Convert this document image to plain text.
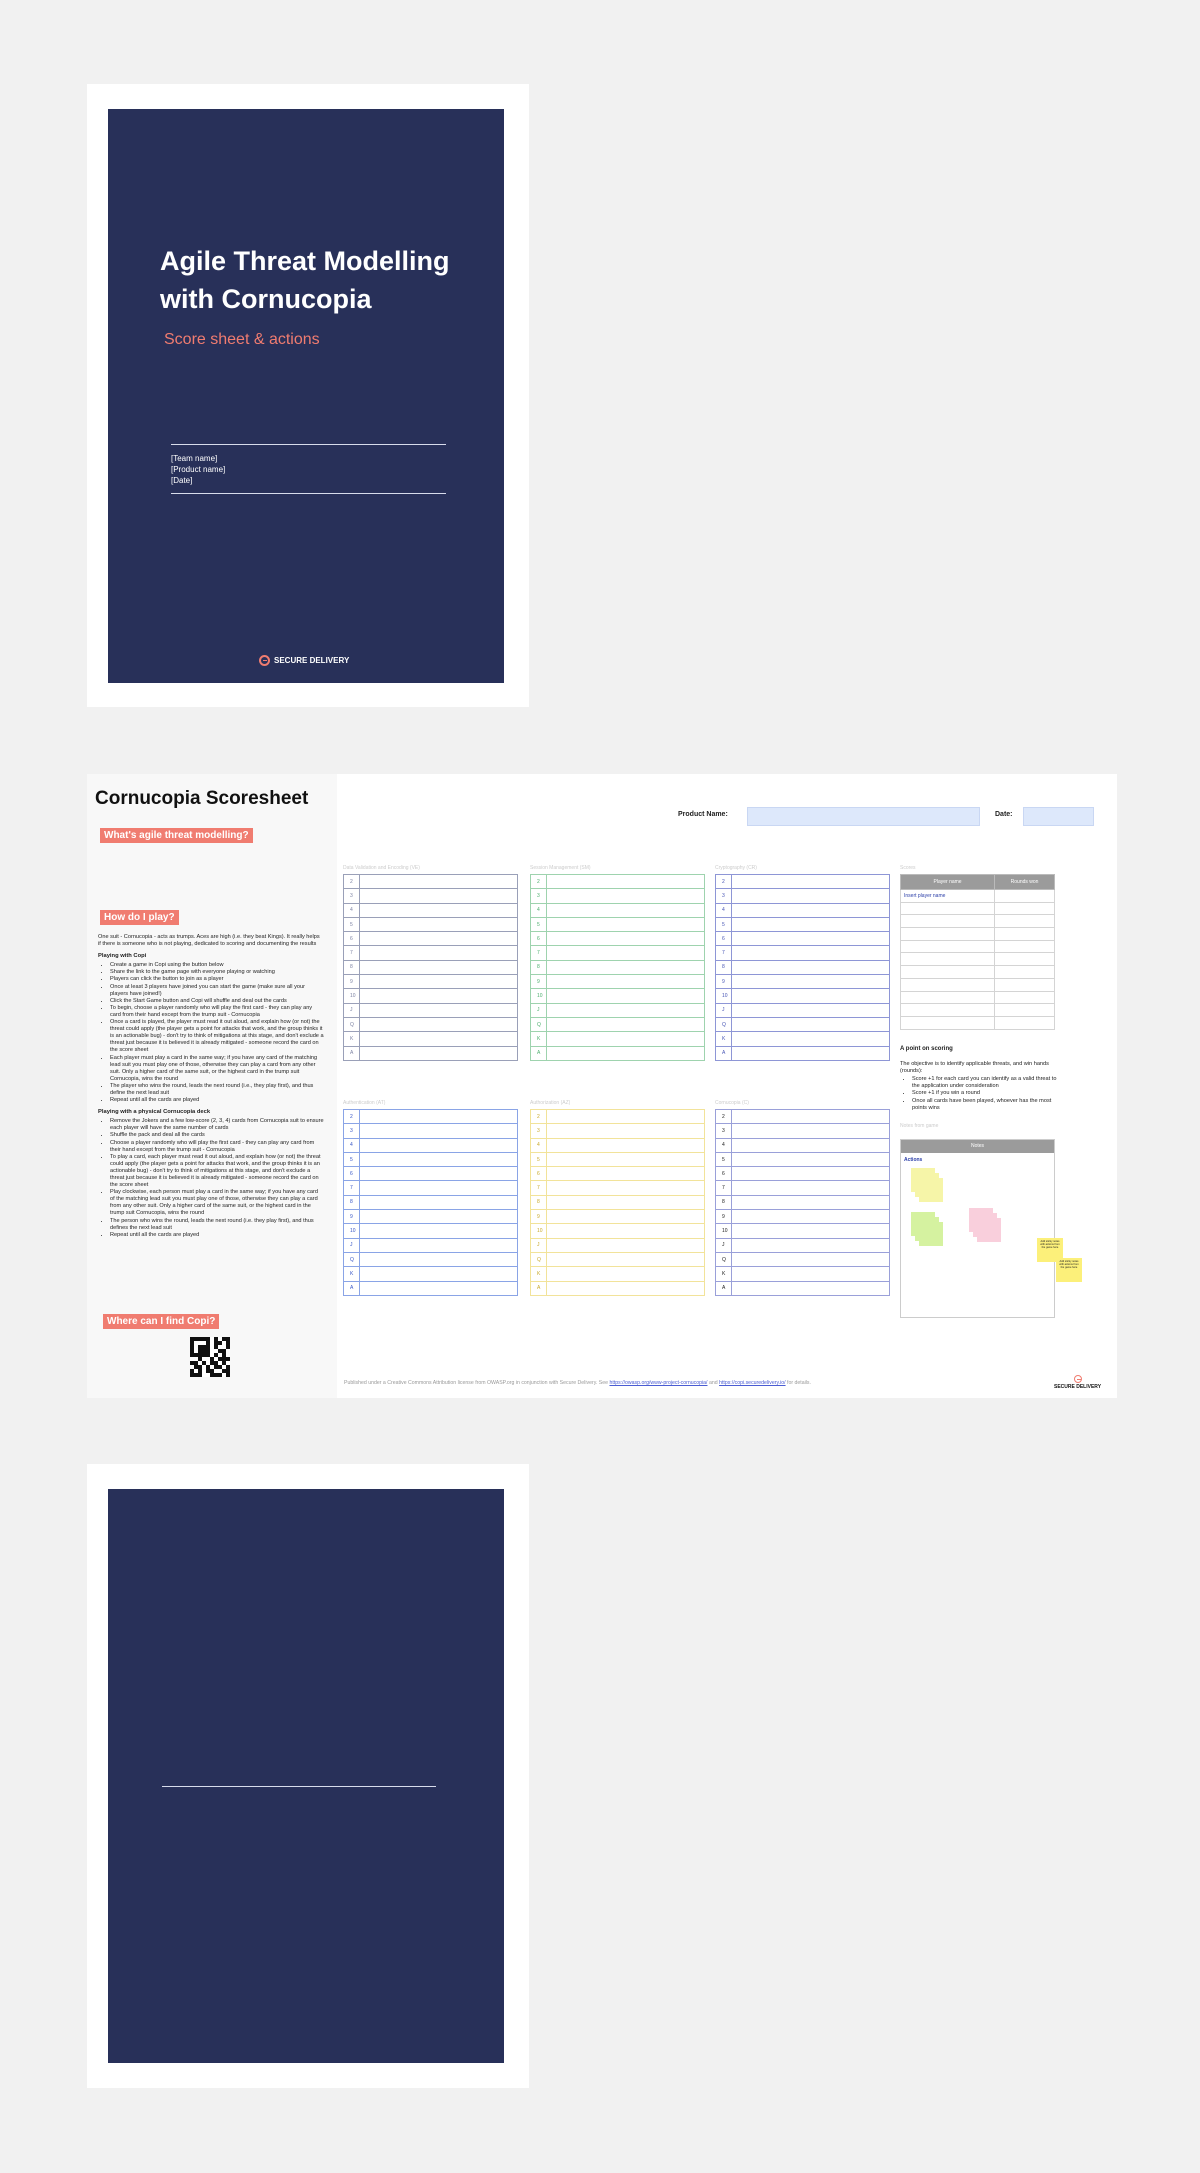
Agile Threat Modelling with Cornucopia
Score sheet & actions
[Team name]
[Product name]
[Date]
SECURE DELIVERY
Cornucopia Scoresheet
What's agile threat modelling?
How do I play?

One suit - Cornucopia - acts as trumps. Aces are high (i.e. they beat Kings). It really helps if there is someone who is not playing, dedicated to scoring and documenting the results

Playing with Copi
• Create a game in Copi using the button below
• Share the link to the game page with everyone playing or watching
• Players can click the button to join as a player
• Once at least 3 players have joined you can start the game (make sure all your players have joined!)
• Click the Start Game button and Copi will shuffle and deal out the cards
• To begin, choose a player randomly who will play the first card - they can play any card from their hand except from the trump suit - Cornucopia
• Once a card is played, the player must read it out aloud, and explain how (or not) the threat could apply (the player gets a point for attacks that work, and the group thinks it is an actionable bug) - don't try to think of mitigations at this stage, and don't exclude a threat just because it is believed it is already mitigated - someone record the card on the score sheet
• Each player must play a card in the same way; if you have any card of the matching lead suit you must play one of those, otherwise they can play a card from any other suit. Only a higher card of the same suit, or the highest card in the trump suit Cornucopia, wins the round
• The player who wins the round, leads the next round (i.e., they play first), and thus define the next lead suit
• Repeat until all the cards are played
Playing with a physical Cornucopia deck
• Remove the Jokers and a few low-score (2, 3, 4) cards from Cornucopia suit to ensure each player will have the same number of cards
• Shuffle the pack and deal all the cards
• Choose a player randomly who will play the first card - they can play any card from their hand except from the trump suit - Cornucopia
• To play a card, each player must read it out aloud, and explain how (or not) the threat could apply (the player gets a point for attacks that work, and the group thinks it is an actionable bug) - don't try to think of mitigations at this stage, and don't exclude a threat just because it is believed it is already mitigated - someone record the card on the score sheet
• Play clockwise, each person must play a card in the same way; if you have any card of the matching lead suit you must play one of those, otherwise they can play a card from any other suit. Only a higher card of the same suit, or the highest card in the trump suit Cornucopia, wins the round
• The person who wins the round, leads the next round (i.e. they play first), and thus defines the next lead suit
• Repeat until all the cards are played
Where can I find Copi?
Product Name:	Date:
Data Validation and Encoding (VE)
2	
3	
4	
5	
6	
7	
8	
9	
10	
J	
Q	
K	
A	
Session Management (SM)
2	
3	
4	
5	
6	
7	
8	
9	
10	
J	
Q	
K	
A	
Cryptography (CR)
2	
3	
4	
5	
6	
7	
8	
9	
10	
J	
Q	
K	
A	
Authentication (AT)
2	
3	
4	
5	
6	
7	
8	
9	
10	
J	
Q	
K	
A	
Authorization (AZ)
2	
3	
4	
5	
6	
7	
8	
9	
10	
J	
Q	
K	
A	
Cornucopia (C)
2	
3	
4	
5	
6	
7	
8	
9	
10	
J	
Q	
K	
A	
Scores
Player name	Rounds won
Insert player name	

A point on scoring

The objective is to identify applicable threats, and win hands (rounds):

• Score +1 for each card you can identify as a valid threat to the application under consideration
• Score +1 if you win a round
• Once all cards have been played, whoever has the most points wins
Notes from game
Notes
Actions
Add sticky notes with actions from the game here
Add sticky notes with actions from the game here
Published under a Creative Commons Attribution license from OWASP.org in conjunction with Secure Delivery. See https://owasp.org/www-project-cornucopia/ and https://copi.securedelivery.io/ for details.
SECURE DELIVERY
